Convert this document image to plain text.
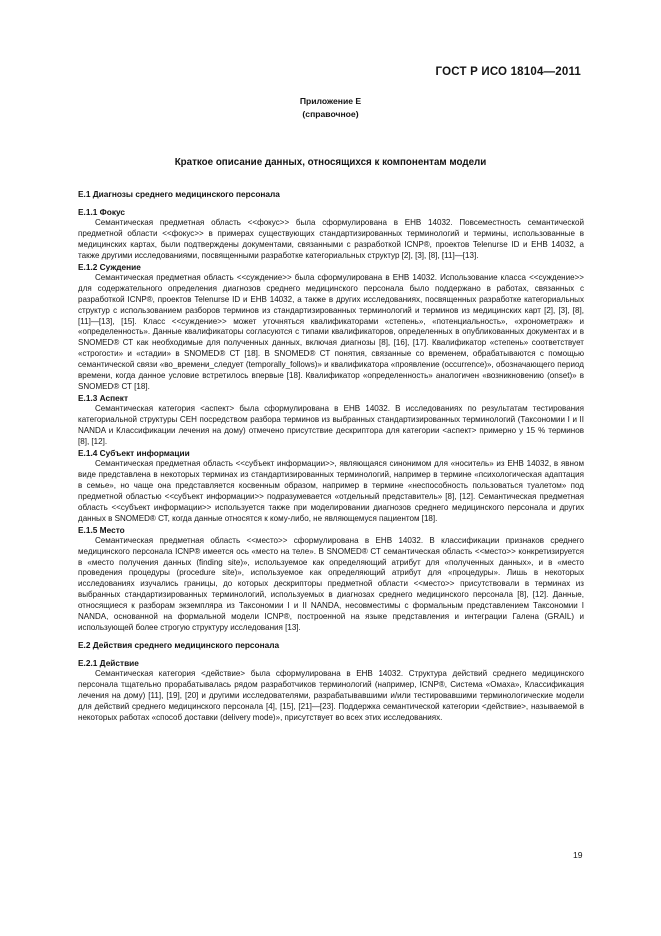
ГОСТ Р ИСО 18104—2011
Приложение Е
(справочное)
Краткое описание данных, относящихся к компонентам модели

Е.1 Диагнозы среднего медицинского персонала

Е.1.1 Фокус

Семантическая предметная область <<фокус>> была сформулирована в ЕНВ 14032. Повсеместность семантической предметной области <<фокус>> в примерах существующих стандартизированных терминологий и термины, использованные в медицинских картах, были подтверждены документами, связанными с разработкой ICNP®, проектов Telenurse ID и ЕНВ 14032, а также другими исследованиями, посвященными разработке категориальных структур [2], [3], [8], [11]—[13].

Е.1.2 Суждение

Семантическая предметная область <<суждение>> была сформулирована в ЕНВ 14032. Использование класса <<суждение>> для содержательного определения диагнозов среднего медицинского персонала было поддержано в работах, связанных с разработкой ICNP®, проектов Telenurse ID и ЕНВ 14032, а также в других исследованиях, посвященных разработке категориальных структур с использованием разборов терминов из стандартизированных терминологий и терминов из медицинских карт [2], [3], [8], [11]—[13], [15]. Класс <<суждение>> может уточняться квалификаторами «степень», «потенциальность», «хронометраж» и «определенность». Данные квалификаторы согласуются с типами квалификаторов, определенных в опубликованных документах и в SNOMED® СТ как необходимые для полученных данных, включая диагнозы [8], [16], [17]. Квалификатор «степень» соответствует «строгости» и «стадии» в SNOMED® СТ [18]. В SNOMED® СТ понятия, связанные со временем, обрабатываются с помощью семантической связи «во_времени_следует (temporally_follows)» и квалификатора «проявление (occurrence)», обозначающего период времени, когда данное условие встретилось впервые [18]. Квалификатор «определенность» аналогичен «возникновению (onset)» в SNOMED® СТ [18].

Е.1.3 Аспект

Семантическая категория <аспект> была сформулирована в ЕНВ 14032. В исследованиях по результатам тестирования категориальной структуры CEH посредством разбора терминов из выбранных стандартизированных терминологий (Таксономии I и II NANDA и Классификации лечения на дому) отмечено присутствие дескриптора для категории <аспект> примерно у 15 % терминов [8], [12].

Е.1.4 Субъект информации

Семантическая предметная область <<субъект информации>>, являющаяся синонимом для «носитель» из ЕНВ 14032, в явном виде представлена в некоторых терминах из стандартизированных терминологий, например в термине «психологическая адаптация в семье», но чаще она представляется косвенным образом, например в термине «неспособность пользоваться туалетом» под предметной областью <<субъект информации>> подразумевается «отдельный представитель» [8], [12]. Семантическая предметная область <<субъект информации>> используется также при моделировании диагнозов среднего медицинского персонала и других данных в SNOMED® СТ, когда данные относятся к кому-либо, не являющемуся пациентом [18].

Е.1.5 Место

Семантическая предметная область <<место>> сформулирована в ЕНВ 14032. В классификации признаков среднего медицинского персонала ICNP® имеется ось «место на теле». В SNOMED® СТ семантическая область <<место>> конкретизируется в «место получения данных (finding site)», используемое как определяющий атрибут для «полученных данных», и в «место проведения процедуры (procedure site)», используемое как определяющий атрибут для «процедуры». Лишь в некоторых исследованиях изучались границы, до которых дескрипторы предметной области <<место>> присутствовали в терминах из выбранных стандартизированных терминологий, используемых в диагнозах среднего медицинского персонала [8], [12]. Данные, относящиеся к разборам экземпляра из Таксономии I и II NANDA, несовместимы с формальным представлением Таксономии I NANDA, основанной на формальной модели ICNP®, построенной на языке представления и интеграции Галена (GRAIL) и использующей более строгую структуру исследования [13].

Е.2 Действия среднего медицинского персонала

Е.2.1 Действие

Семантическая категория <действие> была сформулирована в ЕНВ 14032. Структура действий среднего медицинского персонала тщательно прорабатывалась рядом разработчиков терминологий (например, ICNP®, Система «Омаха», Классификация лечения на дому) [11], [19], [20] и другими исследователями, разрабатывавшими и/или тестировавшими терминологические модели для действий среднего медицинского персонала [4], [15], [21]—[23]. Поддержка семантической категории <действие>, называемой в некоторых работах «способ доставки (delivery mode)», присутствует во всех этих исследованиях.

19
